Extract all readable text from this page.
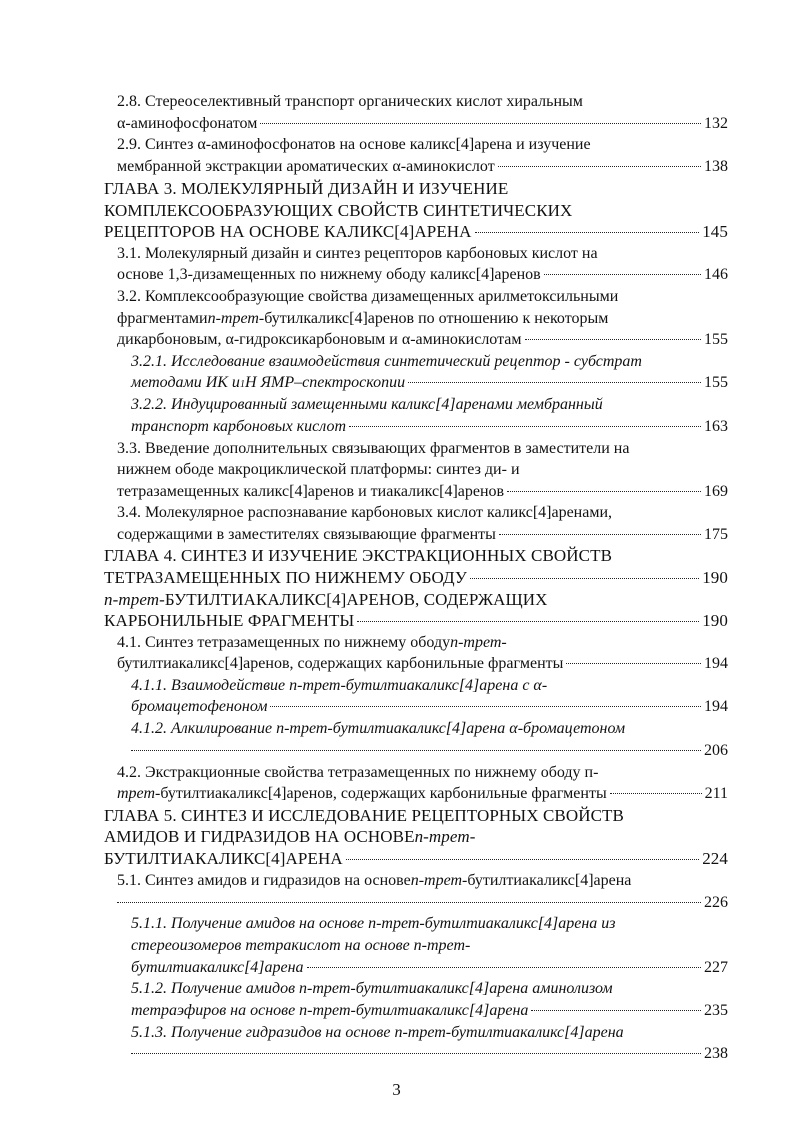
2.8. Стереоселективный транспорт органических кислот хиральным
α-аминофосфонатом	132
2.9. Синтез α-аминофосфонатов на основе каликс[4]арена и изучение
мембранной экстракции ароматических α-аминокислот	138
ГЛАВА 3. МОЛЕКУЛЯРНЫЙ ДИЗАЙН И ИЗУЧЕНИЕ
КОМПЛЕКСООБРАЗУЮЩИХ СВОЙСТВ СИНТЕТИЧЕСКИХ
РЕЦЕПТОРОВ НА ОСНОВЕ КАЛИКС[4]АРЕНА	145
3.1. Молекулярный дизайн и синтез рецепторов карбоновых кислот на
основе 1,3-дизамещенных по нижнему ободу каликс[4]аренов	146
3.2. Комплексообразующие свойства дизамещенных арилметоксильными
фрагментами п-трет -бутилкаликс[4]аренов по отношению к некоторым
дикарбоновым, α-гидроксикарбоновым и α-аминокислотам	155
3.2.1. Исследование взаимодействия синтетический рецептор - субстрат
методами ИК и 1 Н ЯМР–спектроскопии	155
3.2.2. Индуцированный замещенными каликс[4]аренами мембранный
транспорт карбоновых кислот	163
3.3. Введение дополнительных связывающих фрагментов в заместители на
нижнем ободе макроциклической платформы: синтез ди- и
тетразамещенных каликс[4]аренов и тиакаликс[4]аренов	169
3.4. Молекулярное распознавание карбоновых кислот каликс[4]аренами,
содержащими в заместителях связывающие фрагменты	175
ГЛАВА 4. СИНТЕЗ И ИЗУЧЕНИЕ ЭКСТРАКЦИОННЫХ СВОЙСТВ
ТЕТРАЗАМЕЩЕННЫХ ПО НИЖНЕМУ ОБОДУ	190
п-трет -БУТИЛТИАКАЛИКС[4]АРЕНОВ, СОДЕРЖАЩИХ
КАРБОНИЛЬНЫЕ ФРАГМЕНТЫ	190
4.1. Синтез тетразамещенных по нижнему ободу п-трет-
бутилтиакаликс[4]аренов, содержащих карбонильные фрагменты	194
4.1.1. Взаимодействие п-трет-бутилтиакаликс[4]арена с α-
бромацетофеноном	194
4.1.2. Алкилирование п-трет-бутилтиакаликс[4]арена α-бромацетоном
206
4.2. Экстракционные свойства тетразамещенных по нижнему ободу п-
трет -бутилтиакаликс[4]аренов, содержащих карбонильные фрагменты	211
ГЛАВА 5. СИНТЕЗ И ИССЛЕДОВАНИЕ РЕЦЕПТОРНЫХ СВОЙСТВ
АМИДОВ И ГИДРАЗИДОВ НА ОСНОВЕ п-трет-
БУТИЛТИАКАЛИКС[4]АРЕНА	224
5.1. Синтез амидов и гидразидов на основе п-трет -бутилтиакаликс[4]арена
226
5.1.1. Получение амидов на основе п-трет-бутилтиакаликс[4]арена из
стереоизомеров тетракислот на основе п-трет-
бутилтиакаликс[4]арена	227
5.1.2. Получение амидов п-трет-бутилтиакаликс[4]арена аминолизом
тетраэфиров на основе п-трет-бутилтиакаликс[4]арена	235
5.1.3. Получение гидразидов на основе п-трет-бутилтиакаликс[4]арена
238
3
